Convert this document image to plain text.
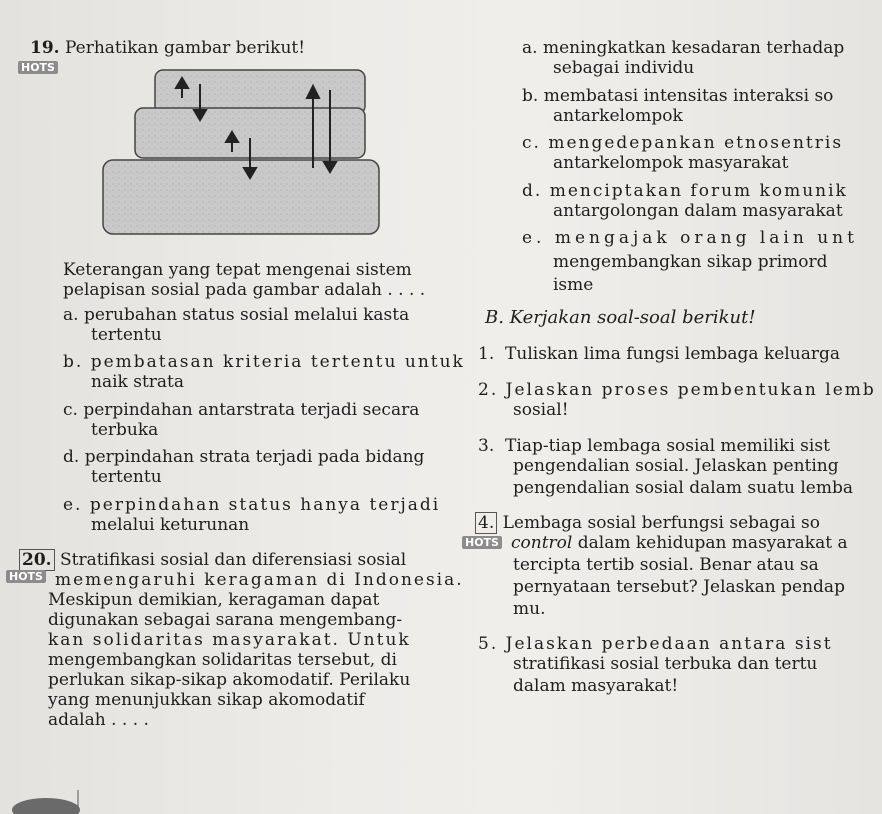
19. Perhatikan gambar berikut!
HOTS
Keterangan yang tepat mengenai sistem
pelapisan sosial pada gambar adalah . . . .
a. perubahan status sosial melalui kasta
tertentu
b. pembatasan kriteria tertentu untuk
naik strata
c. perpindahan antarstrata terjadi secara
terbuka
d. perpindahan strata terjadi pada bidang
tertentu
e. perpindahan status hanya terjadi
melalui keturunan
20. Stratifikasi sosial dan diferensiasi sosial
HOTS memengaruhi keragaman di Indonesia.
Meskipun demikian, keragaman dapat
digunakan sebagai sarana mengembang-
kan solidaritas masyarakat. Untuk
mengembangkan solidaritas tersebut, di
perlukan sikap-sikap akomodatif. Perilaku
yang menunjukkan sikap akomodatif
adalah . . . .
a. meningkatkan kesadaran terhadap
sebagai individu
b. membatasi intensitas interaksi so
antarkelompok
c. mengedepankan etnosentris
antarkelompok masyarakat
d. menciptakan forum komunik
antargolongan dalam masyarakat
e. mengajak orang lain unt
mengembangkan sikap primord
isme
B. Kerjakan soal-soal berikut!
1. Tuliskan lima fungsi lembaga keluarga
2. Jelaskan proses pembentukan lemb
sosial!
3. Tiap-tiap lembaga sosial memiliki sist
pengendalian sosial. Jelaskan penting
pengendalian sosial dalam suatu lemba
4. Lembaga sosial berfungsi sebagai so
HOTS control dalam kehidupan masyarakat a
tercipta tertib sosial. Benar atau sa
pernyataan tersebut? Jelaskan pendap
mu.
5. Jelaskan perbedaan antara sist
stratifikasi sosial terbuka dan tertu
dalam masyarakat!
